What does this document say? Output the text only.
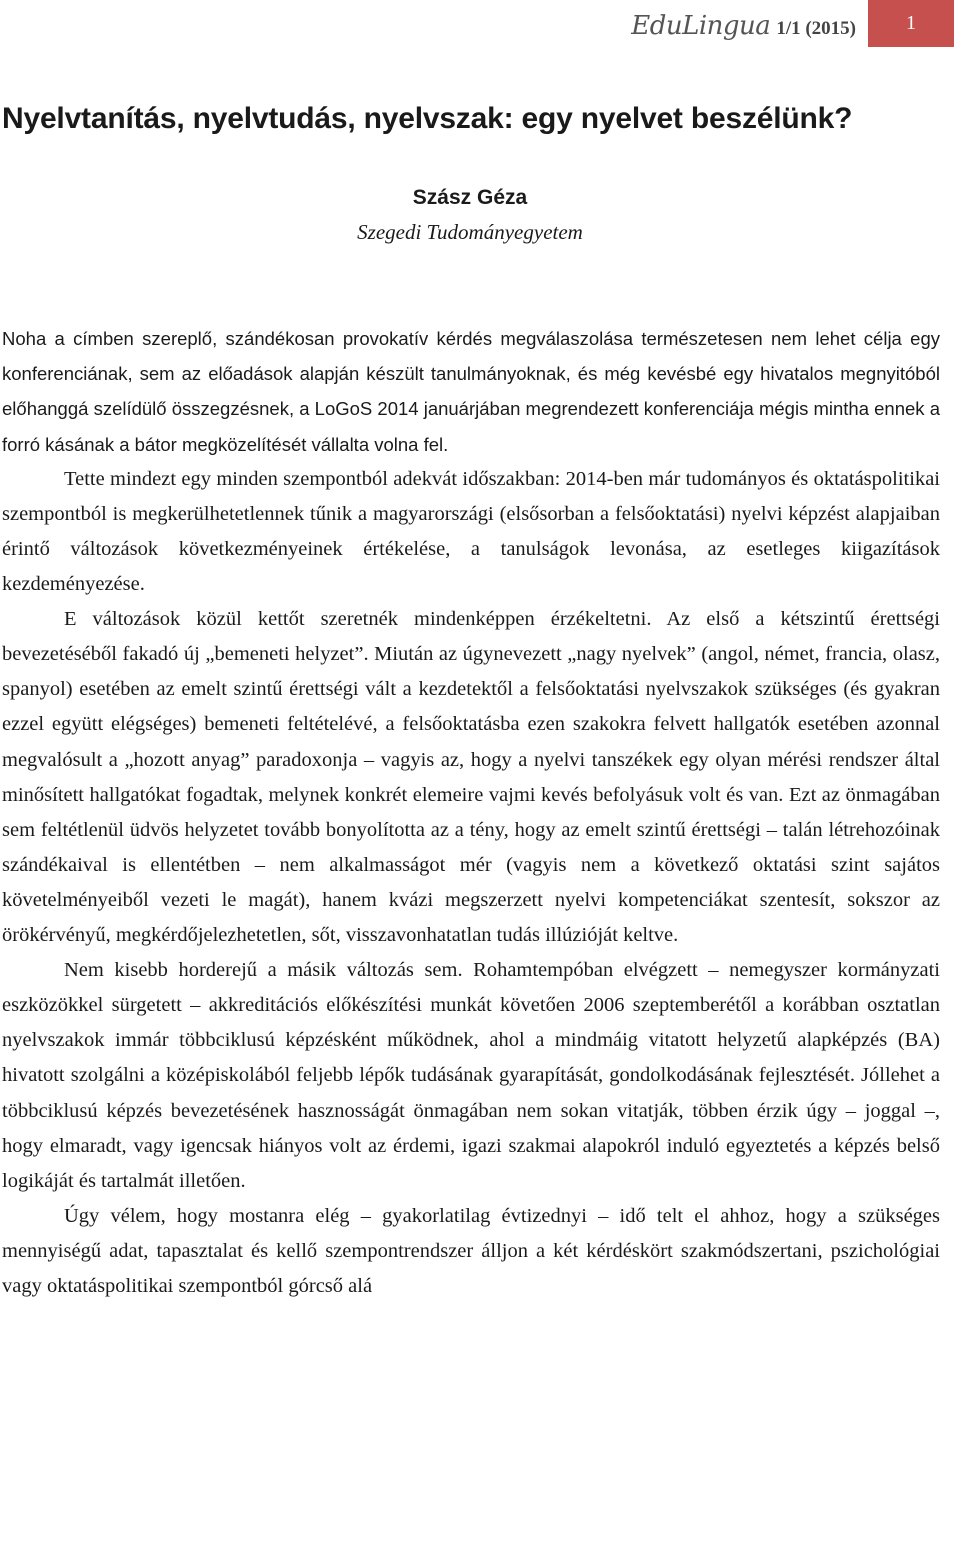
EduLingua 1/1 (2015)	1
Nyelvtanítás, nyelvtudás, nyelvszak: egy nyelvet beszélünk?
Szász Géza
Szegedi Tudományegyetem

Noha a címben szereplő, szándékosan provokatív kérdés megválaszolása természetesen nem lehet célja egy konferenciának, sem az előadások alapján készült tanulmányoknak, és még kevésbé egy hivatalos megnyitóból előhanggá szelídülő összegzésnek, a LoGoS 2014 januárjában megrendezett konferenciája mégis mintha ennek a forró kásának a bátor megközelítését vállalta volna fel.

Tette mindezt egy minden szempontból adekvát időszakban: 2014-ben már tudományos és oktatáspolitikai szempontból is megkerülhetetlennek tűnik a magyarországi (elsősorban a felsőoktatási) nyelvi képzést alapjaiban érintő változások következményeinek értékelése, a tanulságok levonása, az esetleges kiigazítások kezdeményezése.

E változások közül kettőt szeretnék mindenképpen érzékeltetni. Az első a kétszintű érettségi bevezetéséből fakadó új „bemeneti helyzet”. Miután az úgynevezett „nagy nyelvek” (angol, német, francia, olasz, spanyol) esetében az emelt szintű érettségi vált a kezdetektől a felsőoktatási nyelvszakok szükséges (és gyakran ezzel együtt elégséges) bemeneti feltételévé, a felsőoktatásba ezen szakokra felvett hallgatók esetében azonnal megvalósult a „hozott anyag” paradoxonja – vagyis az, hogy a nyelvi tanszékek egy olyan mérési rendszer által minősített hallgatókat fogadtak, melynek konkrét elemeire vajmi kevés befolyásuk volt és van. Ezt az önmagában sem feltétlenül üdvös helyzetet tovább bonyolította az a tény, hogy az emelt szintű érettségi – talán létrehozóinak szándékaival is ellentétben – nem alkalmasságot mér (vagyis nem a következő oktatási szint sajátos követelményeiből vezeti le magát), hanem kvázi megszerzett nyelvi kompetenciákat szentesít, sokszor az örökérvényű, megkérdőjelezhetetlen, sőt, visszavonhatatlan tudás illúzióját keltve.

Nem kisebb horderejű a másik változás sem. Rohamtempóban elvégzett – nemegyszer kormányzati eszközökkel sürgetett – akkreditációs előkészítési munkát követően 2006 szeptemberétől a korábban osztatlan nyelvszakok immár többciklusú képzésként működnek, ahol a mindmáig vitatott helyzetű alapképzés (BA) hivatott szolgálni a középiskolából feljebb lépők tudásának gyarapítását, gondolkodásának fejlesztését. Jóllehet a többciklusú képzés bevezetésének hasznosságát önmagában nem sokan vitatják, többen érzik úgy – joggal –, hogy elmaradt, vagy igencsak hiányos volt az érdemi, igazi szakmai alapokról induló egyeztetés a képzés belső logikáját és tartalmát illetően.

Úgy vélem, hogy mostanra elég – gyakorlatilag évtizednyi – idő telt el ahhoz, hogy a szükséges mennyiségű adat, tapasztalat és kellő szempontrendszer álljon a két kérdéskört szakmódszertani, pszichológiai vagy oktatáspolitikai szempontból górcső alá
